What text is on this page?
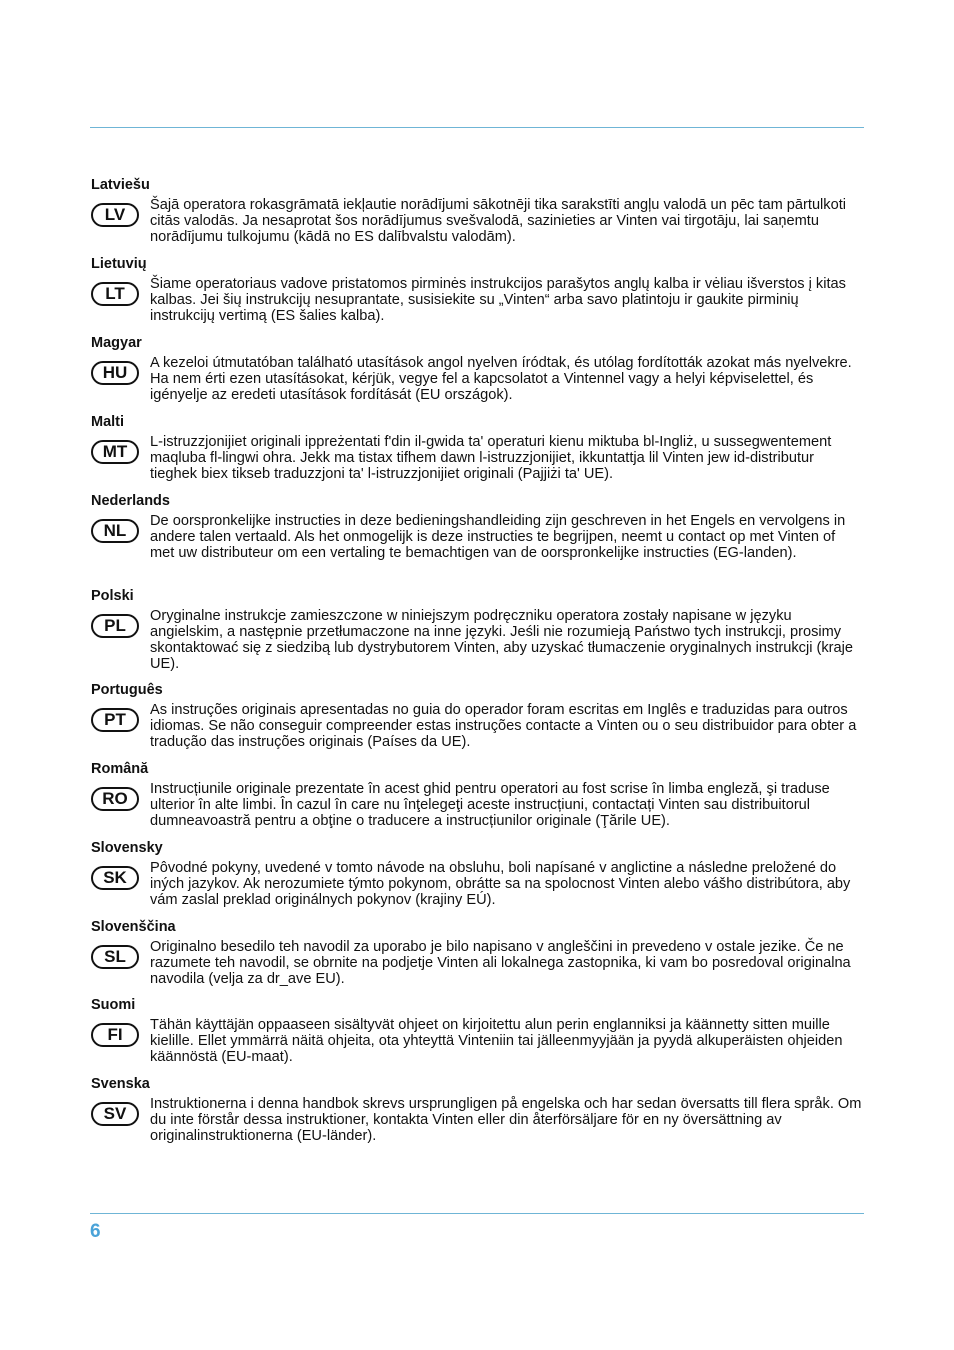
Latviešu
LV	Šajā operatora rokasgrāmatā iekļautie norādījumi sākotnēji tika sarakstīti angļu valodā un pēc tam pārtulkoti citās valodās. Ja nesaprotat šos norādījumus svešvalodā, sazinieties ar Vinten vai tirgotāju, lai saņemtu norādījumu tulkojumu (kādā no ES dalībvalstu valodām).
Lietuvių
LT	Šiame operatoriaus vadove pristatomos pirminės instrukcijos parašytos anglų kalba ir vėliau išverstos į kitas kalbas. Jei šių instrukcijų nesuprantate, susisiekite su „Vinten“ arba savo platintoju ir gaukite pirminių instrukcijų vertimą (ES šalies kalba).
Magyar
HU	A kezeloi útmutatóban található utasítások angol nyelven íródtak, és utólag fordították azokat más nyelvekre. Ha nem érti ezen utasításokat, kérjük, vegye fel a kapcsolatot a Vintennel vagy a helyi képviselettel, és igényelje az eredeti utasítások fordítását (EU országok).
Malti
MT	L-istruzzjonijiet originali ippreżentati f'din il-gwida ta' operaturi kienu miktuba bl-Ingliż, u sussegwentement maqluba fl-lingwi ohra. Jekk ma tistax tifhem dawn l-istruzzjonijiet, ikkuntattja lil Vinten jew id-distributur tieghek biex tikseb traduzzjoni ta' l-istruzzjonijiet originali (Pajjiżi ta' UE).
Nederlands
NL	De oorspronkelijke instructies in deze bedieningshandleiding zijn geschreven in het Engels en vervolgens in andere talen vertaald. Als het onmogelijk is deze instructies te begrijpen, neemt u contact op met Vinten of met uw distributeur om een vertaling te bemachtigen van de oorspronkelijke instructies (EG-landen).
Polski
PL	Oryginalne instrukcje zamieszczone w niniejszym podręczniku operatora zostały napisane w języku angielskim, a następnie przetłumaczone na inne języki. Jeśli nie rozumieją Państwo tych instrukcji, prosimy skontaktować się z siedzibą lub dystrybutorem Vinten, aby uzyskać tłumaczenie oryginalnych instrukcji (kraje UE).
Português
PT	As instruções originais apresentadas no guia do operador foram escritas em Inglês e traduzidas para outros idiomas. Se não conseguir compreender estas instruções contacte a Vinten ou o seu distribuidor para obter a tradução das instruções originais (Países da UE).
Română
RO	Instrucțiunile originale prezentate în acest ghid pentru operatori au fost scrise în limba engleză, şi traduse ulterior în alte limbi. În cazul în care nu înţelegeţi aceste instrucțiuni, contactați Vinten sau distribuitorul dumneavoastră pentru a obţine o traducere a instrucțiunilor originale (Ţările UE).
Slovensky
SK	Pôvodné pokyny, uvedené v tomto návode na obsluhu, boli napísané v anglictine a následne preložené do iných jazykov. Ak nerozumiete týmto pokynom, obrátte sa na spolocnost Vinten alebo vášho distribútora, aby vám zaslal preklad originálnych pokynov (krajiny EÚ).
Slovenščina
SL	Originalno besedilo teh navodil za uporabo je bilo napisano v angleščini in prevedeno v ostale jezike. Če ne razumete teh navodil, se obrnite na podjetje Vinten ali lokalnega zastopnika, ki vam bo posredoval originalna navodila (velja za dr_ave EU).
Suomi
FI	Tähän käyttäjän oppaaseen sisältyvät ohjeet on kirjoitettu alun perin englanniksi ja käännetty sitten muille kielille. Ellet ymmärrä näitä ohjeita, ota yhteyttä Vinteniin tai jälleenmyyjään ja pyydä alkuperäisten ohjeiden käännöstä (EU-maat).
Svenska
SV	Instruktionerna i denna handbok skrevs ursprungligen på engelska och har sedan översatts till flera språk. Om du inte förstår dessa instruktioner, kontakta Vinten eller din återförsäljare för en ny översättning av originalinstruktionerna (EU-länder).
6
